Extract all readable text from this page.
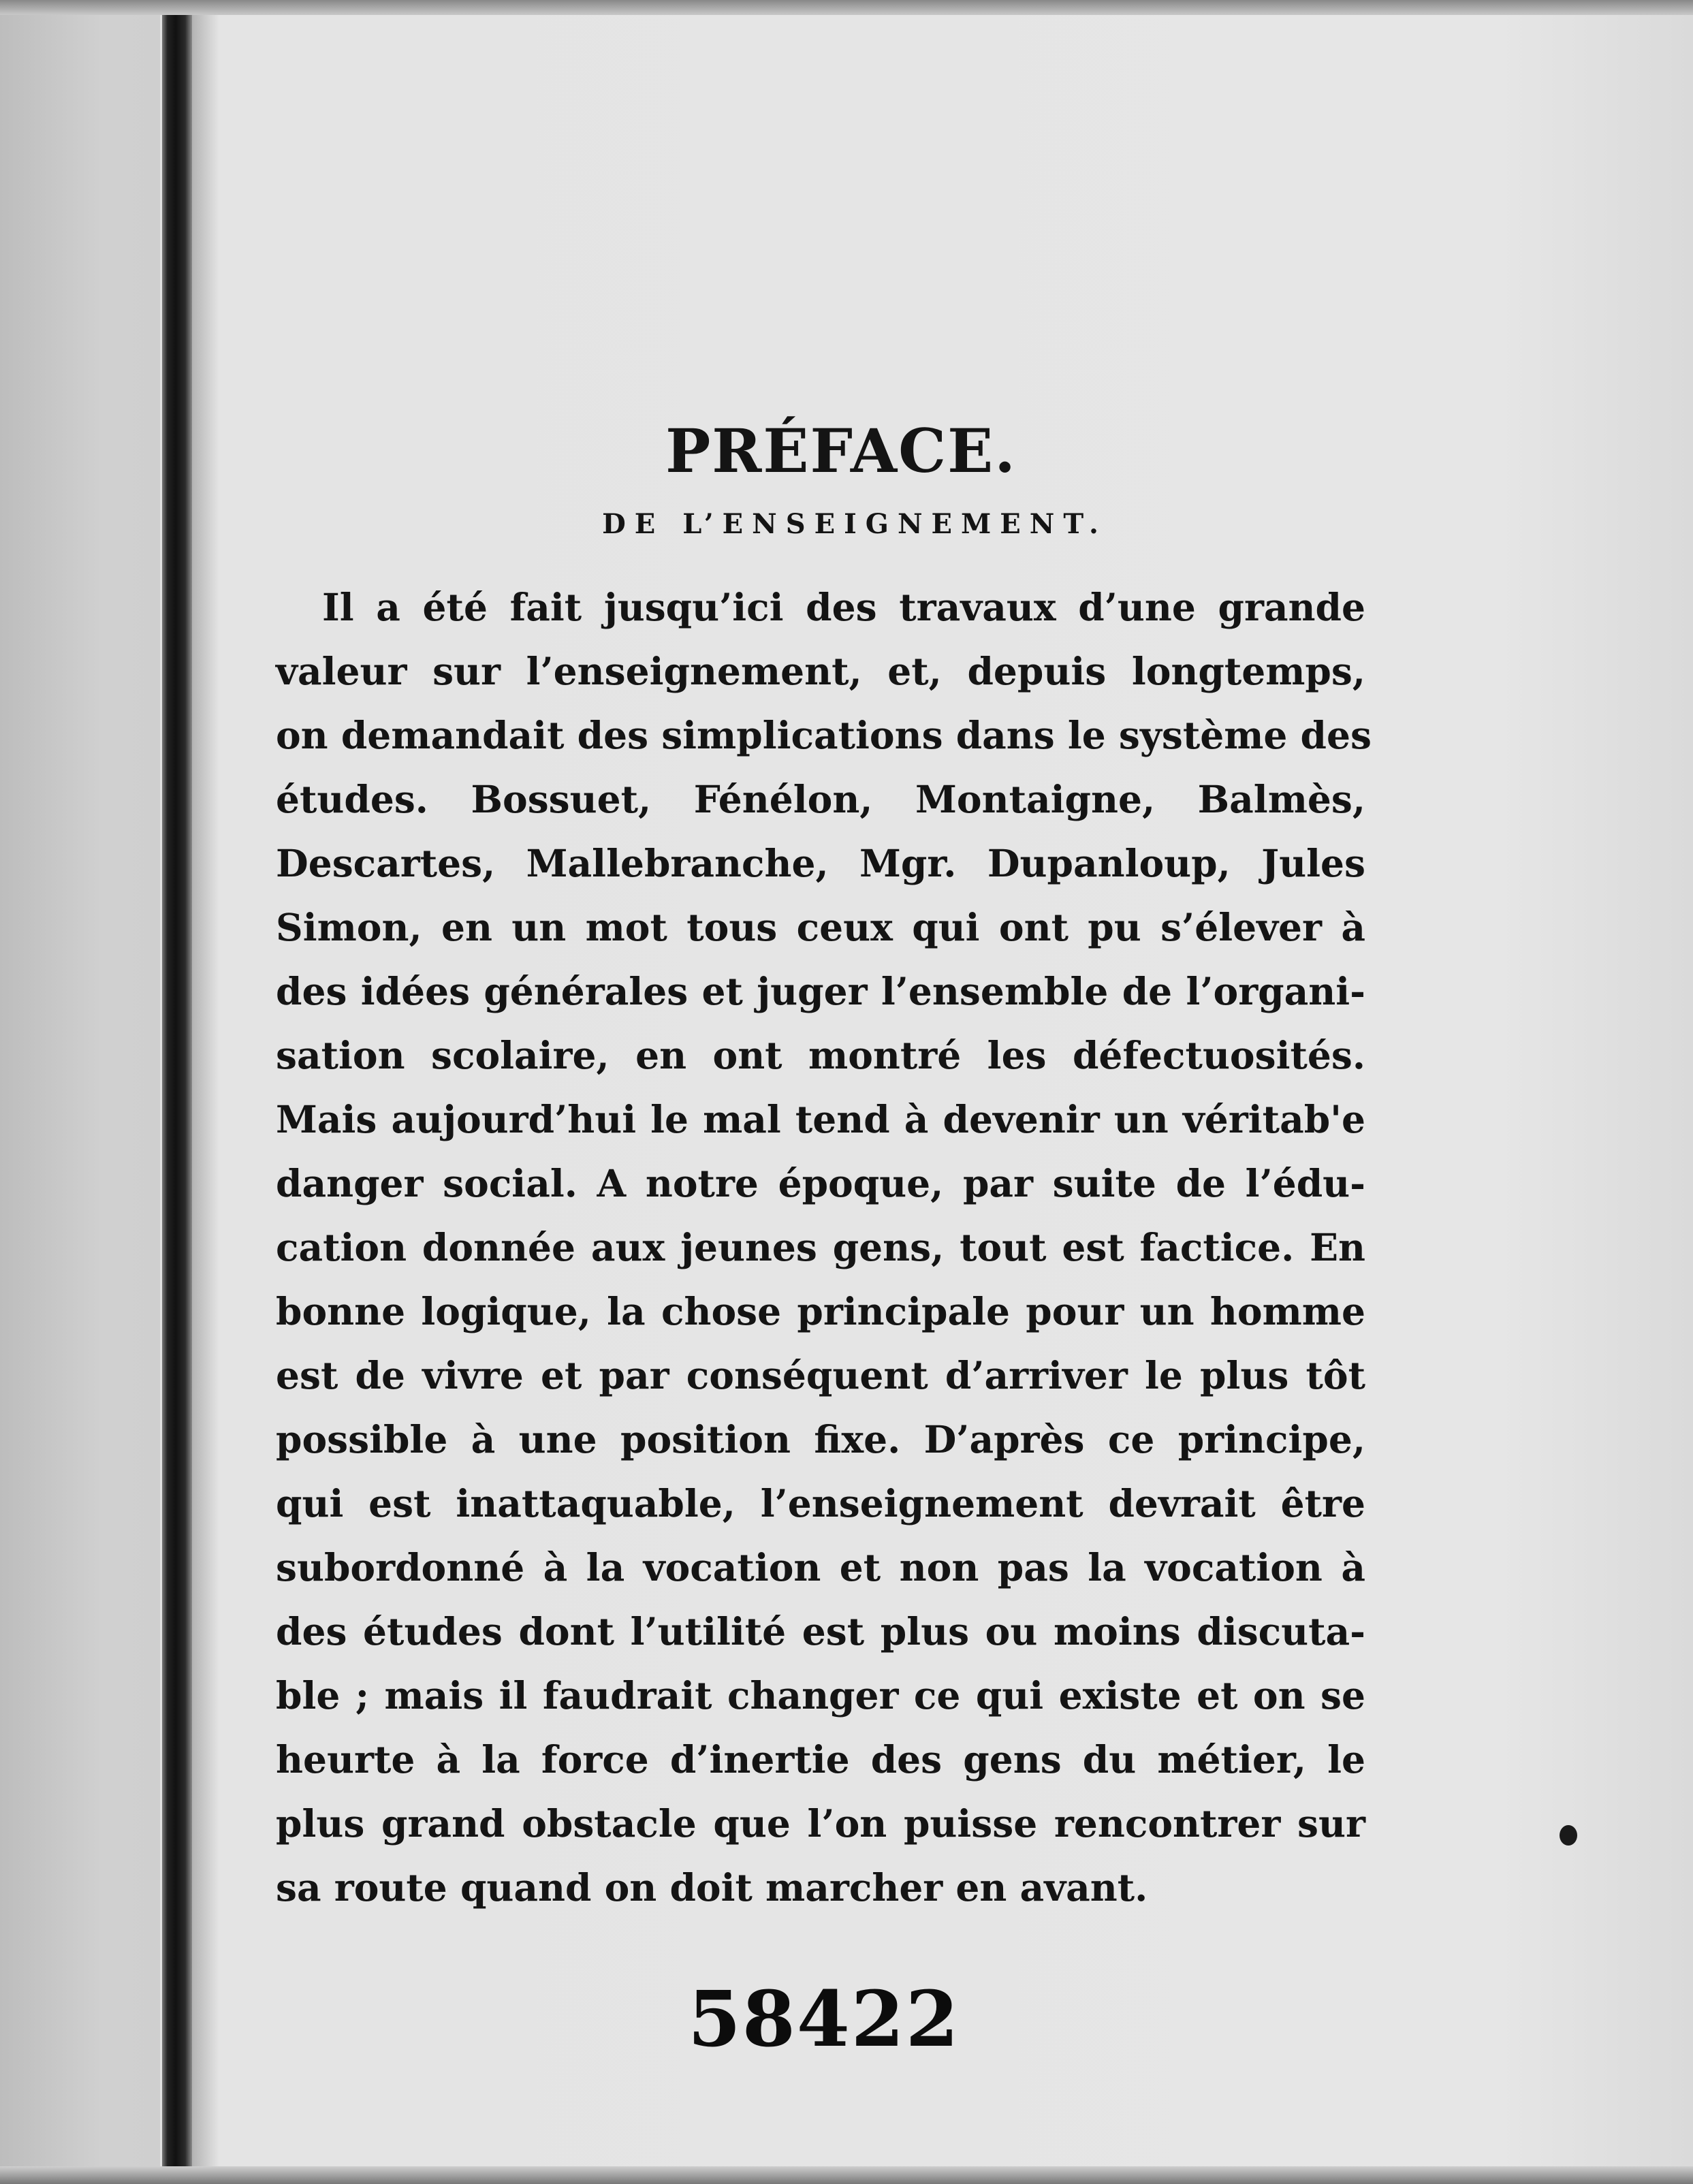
PRÉFACE.
DE L’ENSEIGNEMENT.
Il a été fait jusqu’ici des travaux d’une grande
valeur sur l’enseignement, et, depuis longtemps,
on demandait des simplications dans le système des
études. Bossuet, Fénélon, Montaigne, Balmès,
Descartes, Mallebranche, Mgr. Dupanloup, Jules
Simon, en un mot tous ceux qui ont pu s’élever à
des idées générales et juger l’ensemble de l’organi-
sation scolaire, en ont montré les défectuosités.
Mais aujourd’hui le mal tend à devenir un véritab'e
danger social. A notre époque, par suite de l’édu-
cation donnée aux jeunes gens, tout est factice. En
bonne logique, la chose principale pour un homme
est de vivre et par conséquent d’arriver le plus tôt
possible à une position fixe. D’après ce principe,
qui est inattaquable, l’enseignement devrait être
subordonné à la vocation et non pas la vocation à
des études dont l’utilité est plus ou moins discuta-
ble ; mais il faudrait changer ce qui existe et on se
heurte à la force d’inertie des gens du métier, le
plus grand obstacle que l’on puisse rencontrer sur
sa route quand on doit marcher en avant.
58422
